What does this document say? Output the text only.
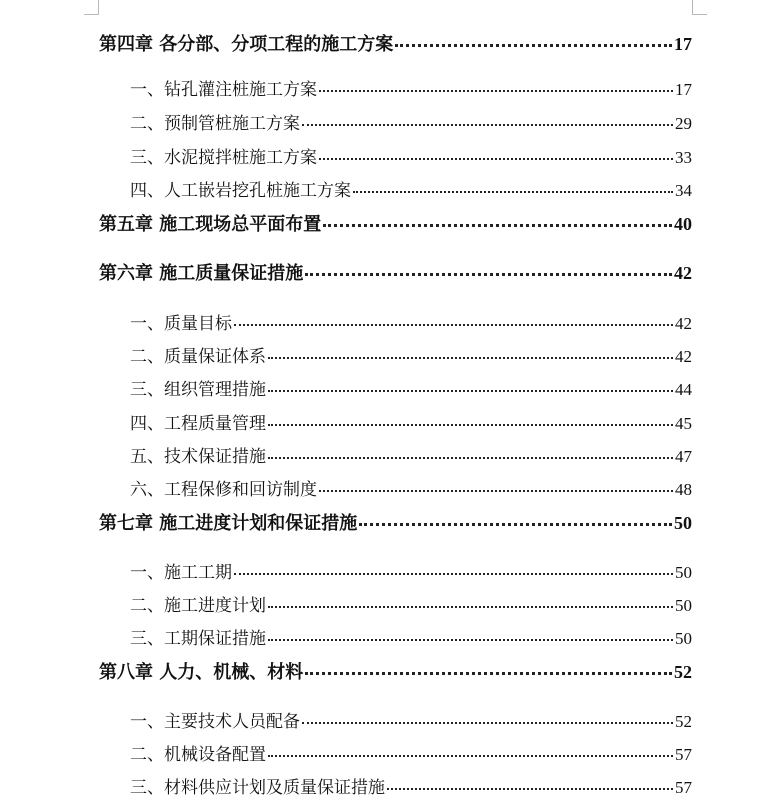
第四章 各分部、分项工程的施工方案	17
一、钻孔灌注桩施工方案	17
二、预制管桩施工方案	29
三、水泥搅拌桩施工方案	33
四、人工嵌岩挖孔桩施工方案	34
第五章 施工现场总平面布置	40
第六章 施工质量保证措施	42
一、质量目标	42
二、质量保证体系	42
三、组织管理措施	44
四、工程质量管理	45
五、技术保证措施	47
六、工程保修和回访制度	48
第七章 施工进度计划和保证措施	50
一、施工工期	50
二、施工进度计划	50
三、工期保证措施	50
第八章 人力、机械、材料	52
一、主要技术人员配备	52
二、机械设备配置	57
三、材料供应计划及质量保证措施	57
